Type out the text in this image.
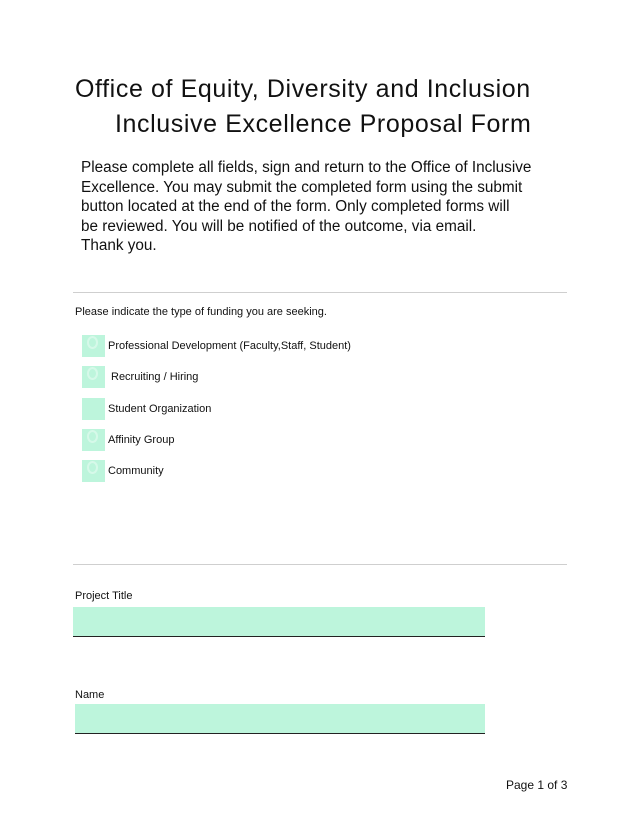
Office of Equity, Diversity and Inclusion
Inclusive Excellence Proposal Form
Please complete all fields, sign and return to the Office of Inclusive
Excellence. You may submit the completed form using the submit
button located at the end of the form. Only completed forms will
be reviewed. You will be notified of the outcome, via email.
Thank you.
Please indicate the type of funding you are seeking.
Professional Development (Faculty,Staff, Student)
Recruiting / Hiring
Student Organization
Affinity Group
Community
Project Title
Name
Page 1 of 3
